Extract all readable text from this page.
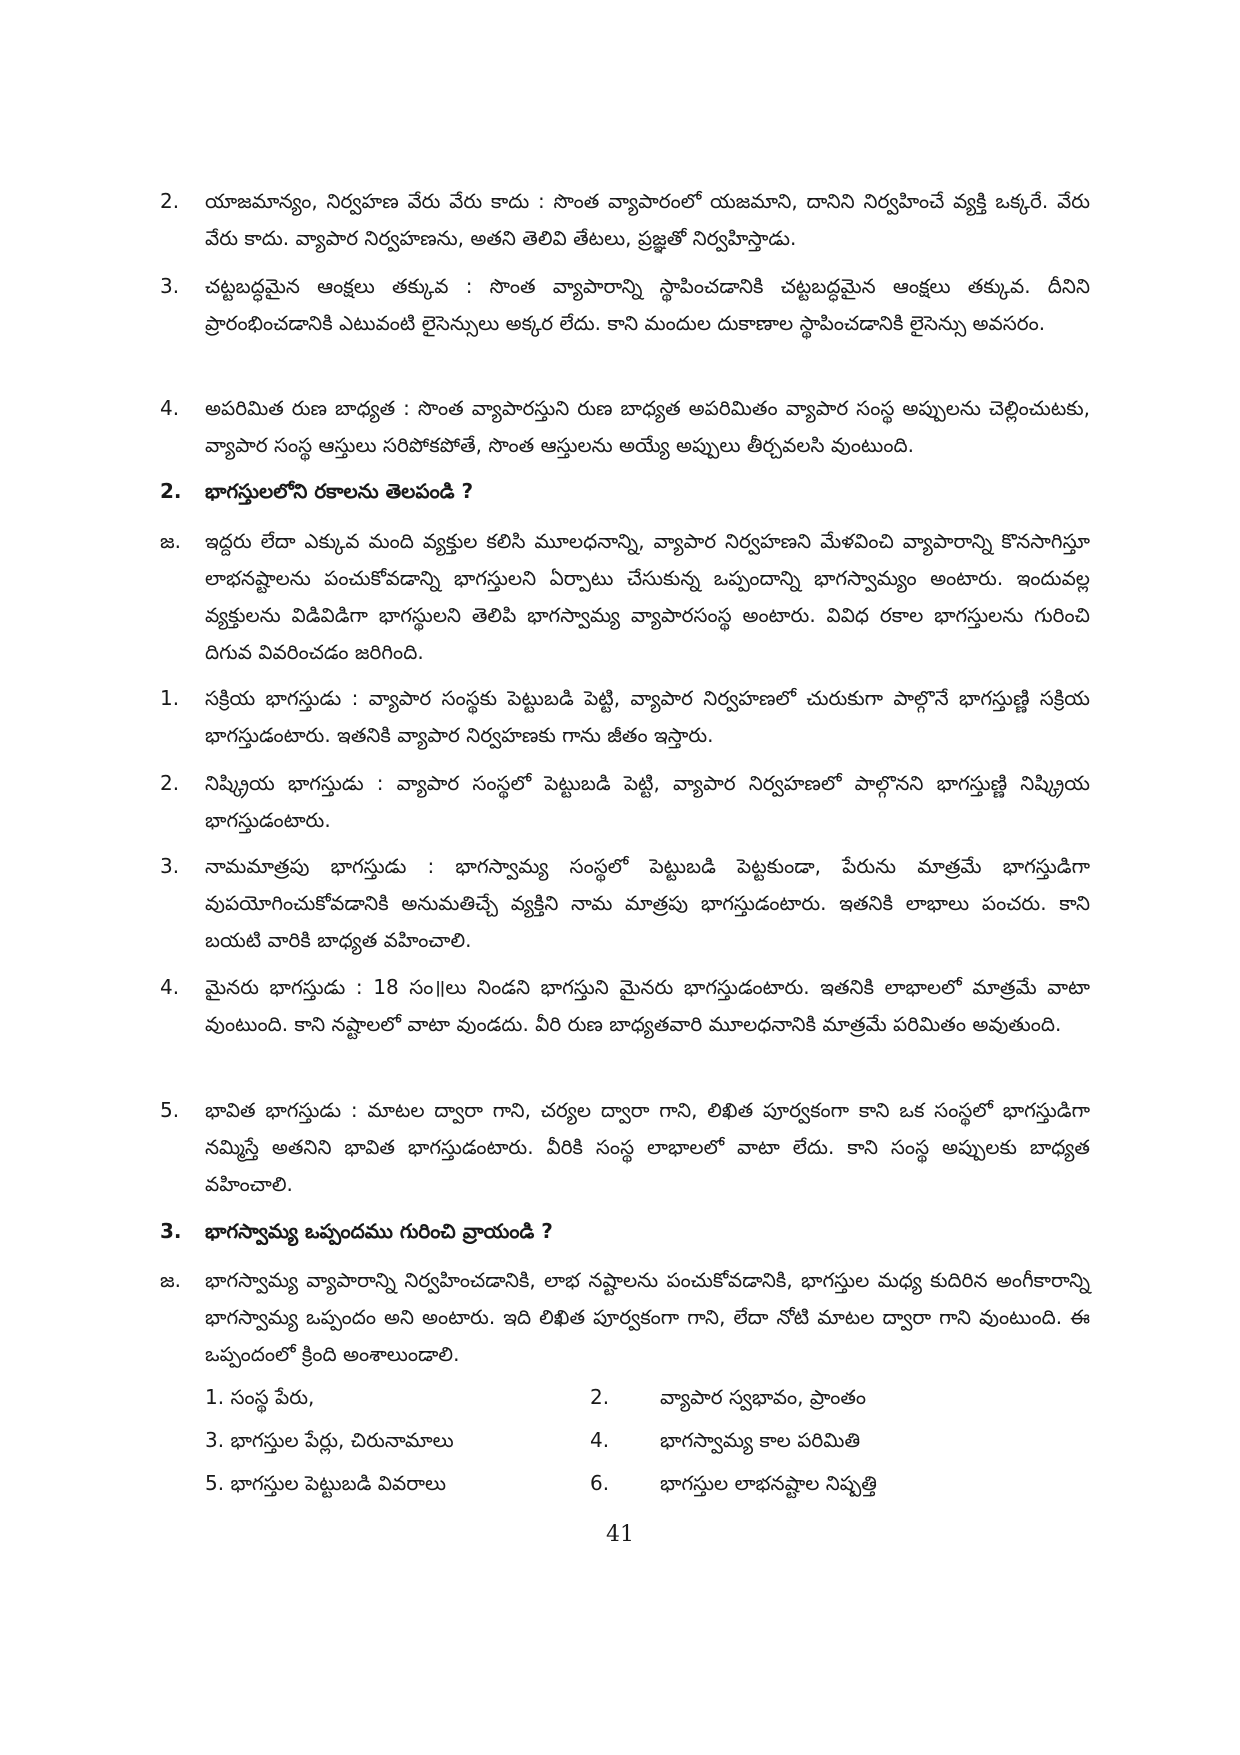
2.	యాజమాన్యం, నిర్వహణ వేరు వేరు కాదు : సొంత వ్యాపారంలో యజమాని, దానిని నిర్వహించే వ్యక్తి ఒక్కరే. వేరు వేరు కాదు. వ్యాపార నిర్వహణను, అతని తెలివి తేటలు, ప్రజ్ఞతో నిర్వహిస్తాడు.
3.	చట్టబద్ధమైన ఆంక్షలు తక్కువ : సొంత వ్యాపారాన్ని స్థాపించడానికి చట్టబద్ధమైన ఆంక్షలు తక్కువ. దీనిని ప్రారంభించడానికి ఎటువంటి లైసెన్సులు అక్కర లేదు. కాని మందుల దుకాణాల స్థాపించడానికి లైసెన్సు అవసరం.
4.	అపరిమిత రుణ బాధ్యత : సొంత వ్యాపారస్తుని రుణ బాధ్యత అపరిమితం వ్యాపార సంస్థ అప్పులను చెల్లించుటకు, వ్యాపార సంస్థ ఆస్తులు సరిపోకపోతే, సొంత ఆస్తులను అయ్యే అప్పులు తీర్చవలసి వుంటుంది.
2.	భాగస్తులలోని రకాలను తెలపండి ?
జ.	ఇద్దరు లేదా ఎక్కువ మంది వ్యక్తుల కలిసి మూలధనాన్ని, వ్యాపార నిర్వహణని మేళవించి వ్యాపారాన్ని కొనసాగిస్తూ లాభనష్టాలను పంచుకోవడాన్ని భాగస్తులని ఏర్పాటు చేసుకున్న ఒప్పందాన్ని భాగస్వామ్యం అంటారు. ఇందువల్ల వ్యక్తులను విడివిడిగా భాగస్థులని తెలిపి భాగస్వామ్య వ్యాపారసంస్థ అంటారు. వివిధ రకాల భాగస్తులను గురించి దిగువ వివరించడం జరిగింది.
1.	సక్రియ భాగస్తుడు : వ్యాపార సంస్థకు పెట్టుబడి పెట్టి, వ్యాపార నిర్వహణలో చురుకుగా పాల్గొనే భాగస్తుణ్ణి సక్రియ భాగస్తుడంటారు. ఇతనికి వ్యాపార నిర్వహణకు గాను జీతం ఇస్తారు.
2.	నిష్క్రియ భాగస్తుడు : వ్యాపార సంస్థలో పెట్టుబడి పెట్టి, వ్యాపార నిర్వహణలో పాల్గొనని భాగస్తుణ్ణి నిష్క్రియ భాగస్తుడంటారు.
3.	నామమాత్రపు భాగస్తుడు : భాగస్వామ్య సంస్థలో పెట్టుబడి పెట్టకుండా, పేరును మాత్రమే భాగస్తుడిగా వుపయోగించుకోవడానికి అనుమతిచ్చే వ్యక్తిని నామ మాత్రపు భాగస్తుడంటారు. ఇతనికి లాభాలు పంచరు. కాని బయటి వారికి బాధ్యత వహించాలి.
4.	మైనరు భాగస్తుడు : 18 సం॥లు నిండని భాగస్తుని మైనరు భాగస్తుడంటారు. ఇతనికి లాభాలలో మాత్రమే వాటా వుంటుంది. కాని నష్టాలలో వాటా వుండదు. వీరి రుణ బాధ్యతవారి మూలధనానికి మాత్రమే పరిమితం అవుతుంది.
5.	భావిత భాగస్తుడు : మాటల ద్వారా గాని, చర్యల ద్వారా గాని, లిఖిత పూర్వకంగా కాని ఒక సంస్థలో భాగస్తుడిగా నమ్మిస్తే అతనిని భావిత భాగస్తుడంటారు. వీరికి సంస్థ లాభాలలో వాటా లేదు. కాని సంస్థ అప్పులకు బాధ్యత వహించాలి.
3.	భాగస్వామ్య ఒప్పందము గురించి వ్రాయండి ?
జ.	భాగస్వామ్య వ్యాపారాన్ని నిర్వహించడానికి, లాభ నష్టాలను పంచుకోవడానికి, భాగస్తుల మధ్య కుదిరిన అంగీకారాన్ని భాగస్వామ్య ఒప్పందం అని అంటారు. ఇది లిఖిత పూర్వకంగా గాని, లేదా నోటి మాటల ద్వారా గాని వుంటుంది. ఈ ఒప్పందంలో క్రింది అంశాలుండాలి.
1. సంస్థ పేరు,	2.	వ్యాపార స్వభావం, ప్రాంతం
3. భాగస్తుల పేర్లు, చిరునామాలు	4.	భాగస్వామ్య కాల పరిమితి
5. భాగస్తుల పెట్టుబడి వివరాలు	6.	భాగస్తుల లాభనష్టాల నిష్పత్తి
41
